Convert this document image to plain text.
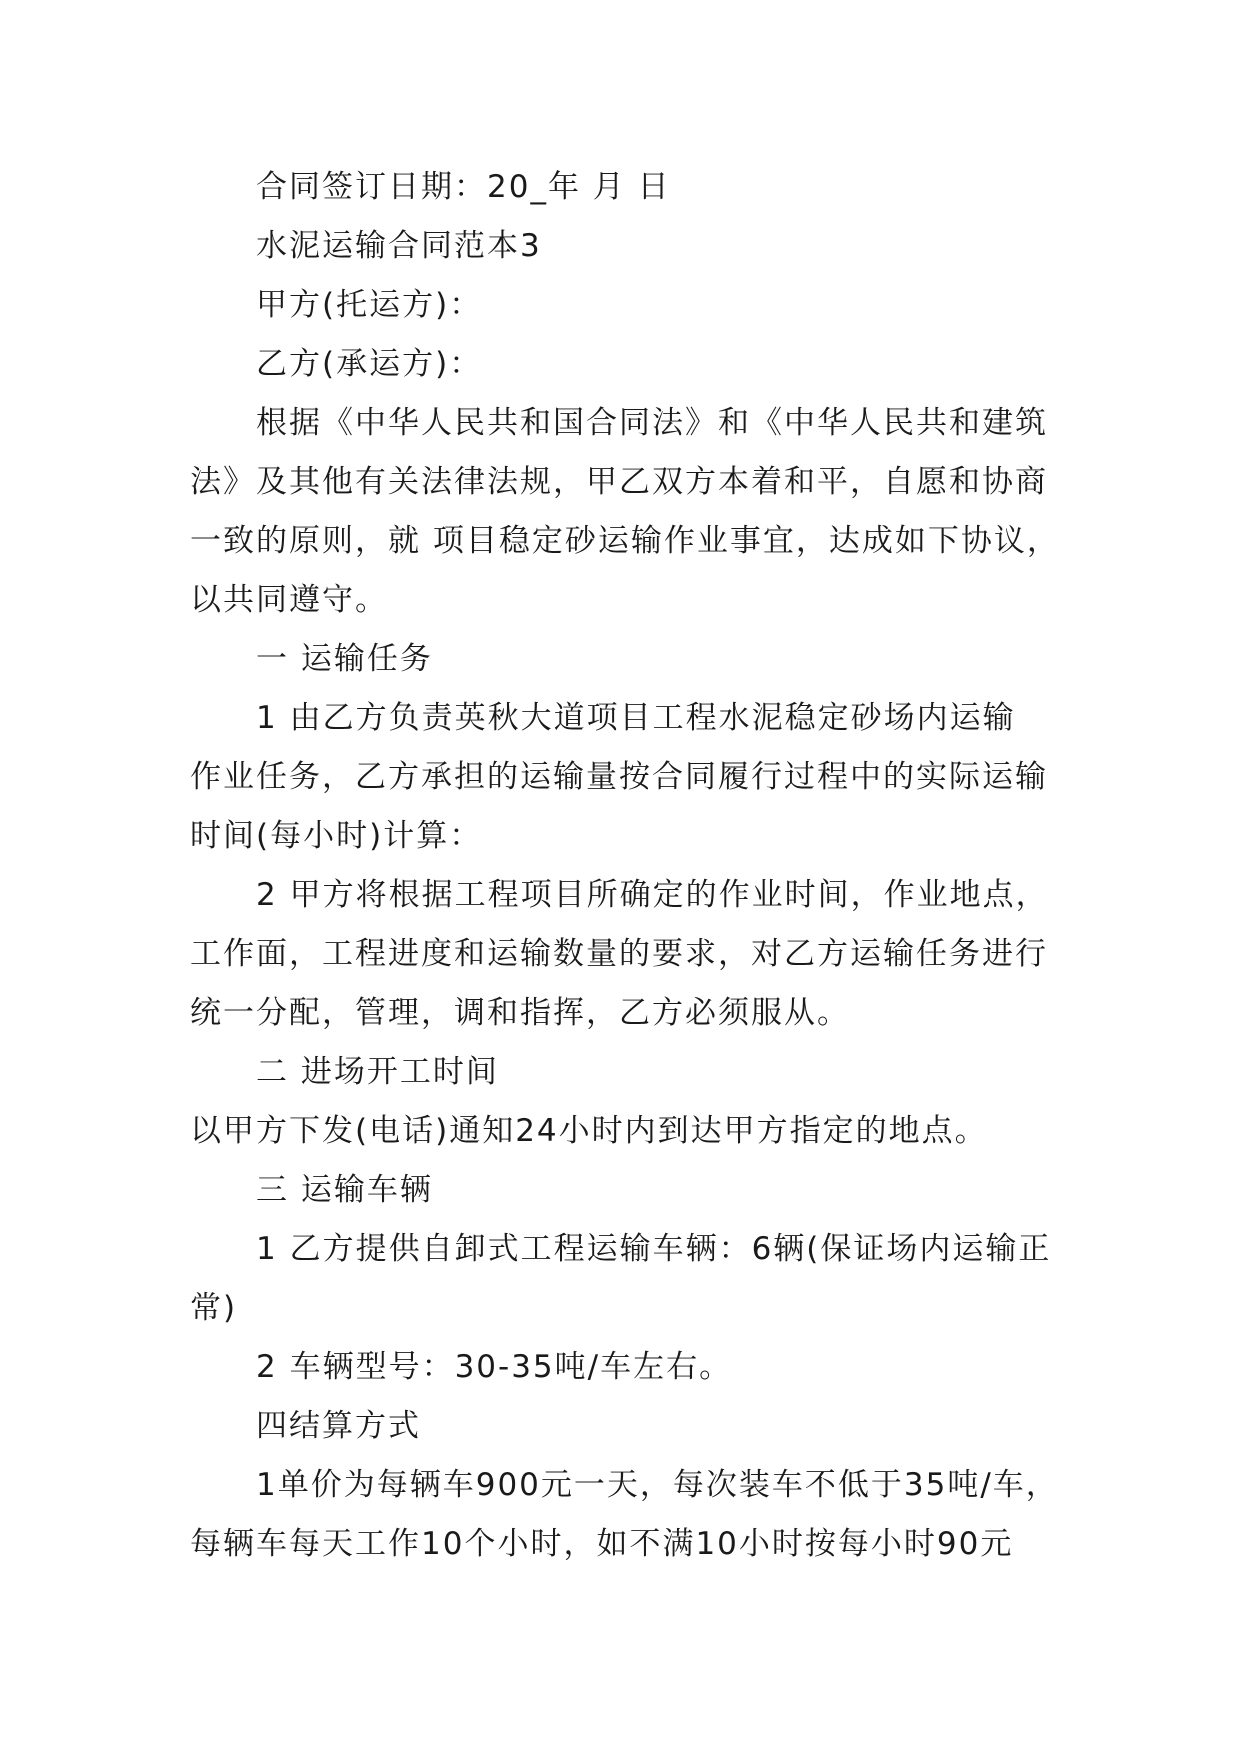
合同签订日期：20_年 月 日
水泥运输合同范本3
甲方(托运方)：
乙方(承运方)：
根据《中华人民共和国合同法》和《中华人民共和建筑
法》及其他有关法律法规，甲乙双方本着和平，自愿和协商
一致的原则，就 项目稳定砂运输作业事宜，达成如下协议，
以共同遵守。
一 运输任务
1 由乙方负责英秋大道项目工程水泥稳定砂场内运输
作业任务，乙方承担的运输量按合同履行过程中的实际运输
时间(每小时)计算：
2 甲方将根据工程项目所确定的作业时间，作业地点，
工作面，工程进度和运输数量的要求，对乙方运输任务进行
统一分配，管理，调和指挥，乙方必须服从。
二 进场开工时间
以甲方下发(电话)通知24小时内到达甲方指定的地点。
三 运输车辆
1 乙方提供自卸式工程运输车辆：6辆(保证场内运输正
常)
2 车辆型号：30-35吨/车左右。
四结算方式
1单价为每辆车900元一天，每次装车不低于35吨/车，
每辆车每天工作10个小时，如不满10小时按每小时90元
